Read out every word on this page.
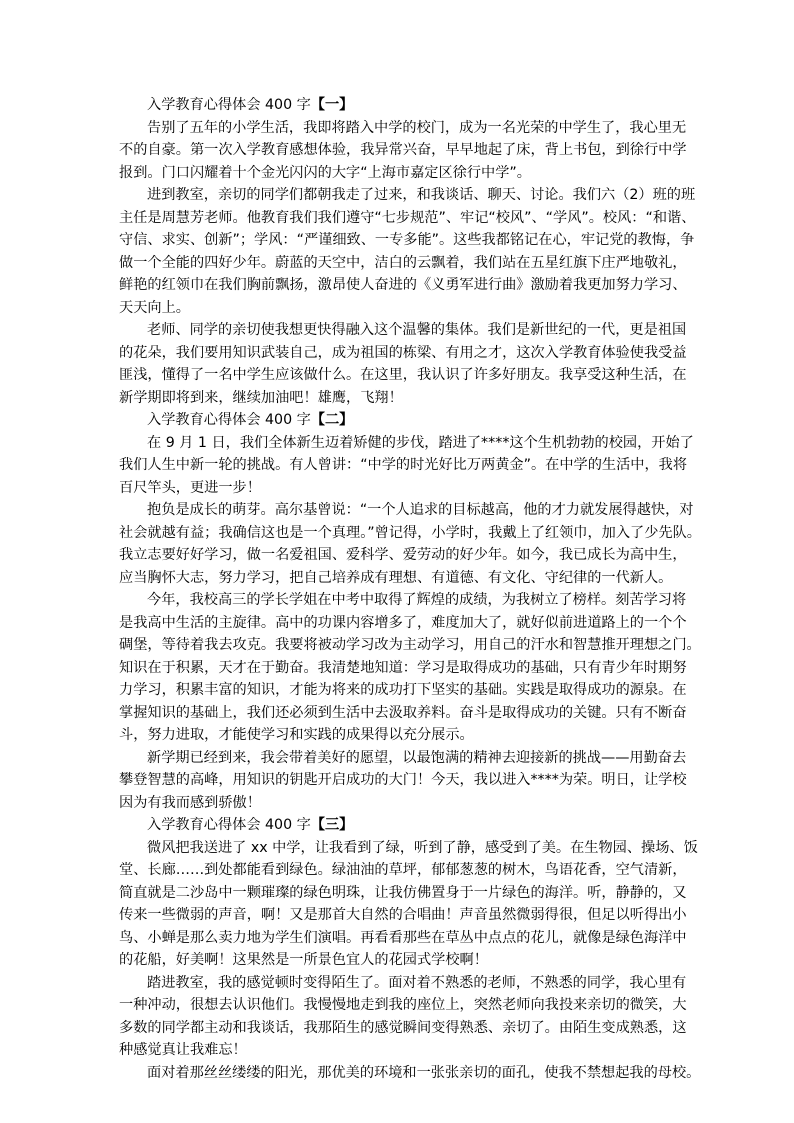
入学教育心得体会 400 字【一】
告别了五年的小学生活，我即将踏入中学的校门，成为一名光荣的中学生了，我心里无
不的自豪。第一次入学教育感想体验，我异常兴奋，早早地起了床，背上书包，到徐行中学
报到。门口闪耀着十个金光闪闪的大字“上海市嘉定区徐行中学”。
进到教室，亲切的同学们都朝我走了过来，和我谈话、聊天、讨论。我们六（2）班的班
主任是周慧芳老师。他教育我们我们遵守“七步规范”、牢记“校风”、“学风”。校风：“和谐、
守信、求实、创新”；学风：“严谨细致、一专多能”。这些我都铭记在心，牢记党的教悔，争
做一个全能的四好少年。蔚蓝的天空中，洁白的云飘着，我们站在五星红旗下庄严地敬礼，
鲜艳的红领巾在我们胸前飘扬，激昂使人奋进的《义勇军进行曲》激励着我更加努力学习、
天天向上。
老师、同学的亲切使我想更快得融入这个温馨的集体。我们是新世纪的一代，更是祖国
的花朵，我们要用知识武装自己，成为祖国的栋梁、有用之才，这次入学教育体验使我受益
匪浅，懂得了一名中学生应该做什么。在这里，我认识了许多好朋友。我享受这种生活，在
新学期即将到来，继续加油吧！雄鹰，飞翔！
入学教育心得体会 400 字【二】
在 9 月 1 日，我们全体新生迈着矫健的步伐，踏进了****这个生机勃勃的校园，开始了
我们人生中新一轮的挑战。有人曾讲：“中学的时光好比万两黄金”。在中学的生活中，我将
百尺竿头，更进一步！
抱负是成长的萌芽。高尔基曾说：“一个人追求的目标越高，他的才力就发展得越快，对
社会就越有益；我确信这也是一个真理。”曾记得，小学时，我戴上了红领巾，加入了少先队。
我立志要好好学习，做一名爱祖国、爱科学、爱劳动的好少年。如今，我已成长为高中生，
应当胸怀大志，努力学习，把自己培养成有理想、有道德、有文化、守纪律的一代新人。
今年，我校高三的学长学姐在中考中取得了辉煌的成绩，为我树立了榜样。刻苦学习将
是我高中生活的主旋律。高中的功课内容增多了，难度加大了，就好似前进道路上的一个个
碉堡，等待着我去攻克。我要将被动学习改为主动学习，用自己的汗水和智慧推开理想之门。
知识在于积累，天才在于勤奋。我清楚地知道：学习是取得成功的基础，只有青少年时期努
力学习，积累丰富的知识，才能为将来的成功打下坚实的基础。实践是取得成功的源泉。在
掌握知识的基础上，我们还必须到生活中去汲取养料。奋斗是取得成功的关键。只有不断奋
斗，努力进取，才能使学习和实践的成果得以充分展示。
新学期已经到来，我会带着美好的愿望，以最饱满的精神去迎接新的挑战——用勤奋去
攀登智慧的高峰，用知识的钥匙开启成功的大门！今天，我以进入****为荣。明日，让学校
因为有我而感到骄傲！
入学教育心得体会 400 字【三】
微风把我送进了 xx 中学，让我看到了绿，听到了静，感受到了美。在生物园、操场、饭
堂、长廊……到处都能看到绿色。绿油油的草坪，郁郁葱葱的树木，鸟语花香，空气清新，
简直就是二沙岛中一颗璀璨的绿色明珠，让我仿佛置身于一片绿色的海洋。听，静静的，又
传来一些微弱的声音，啊！又是那首大自然的合唱曲！声音虽然微弱得很，但足以听得出小
鸟、小蝉是那么卖力地为学生们演唱。再看看那些在草丛中点点的花儿，就像是绿色海洋中
的花船，好美啊！这果然是一所景色宜人的花园式学校啊！
踏进教室，我的感觉顿时变得陌生了。面对着不熟悉的老师，不熟悉的同学，我心里有
一种冲动，很想去认识他们。我慢慢地走到我的座位上，突然老师向我投来亲切的微笑，大
多数的同学都主动和我谈话，我那陌生的感觉瞬间变得熟悉、亲切了。由陌生变成熟悉，这
种感觉真让我难忘！
面对着那丝丝缕缕的阳光，那优美的环境和一张张亲切的面孔，使我不禁想起我的母校。
